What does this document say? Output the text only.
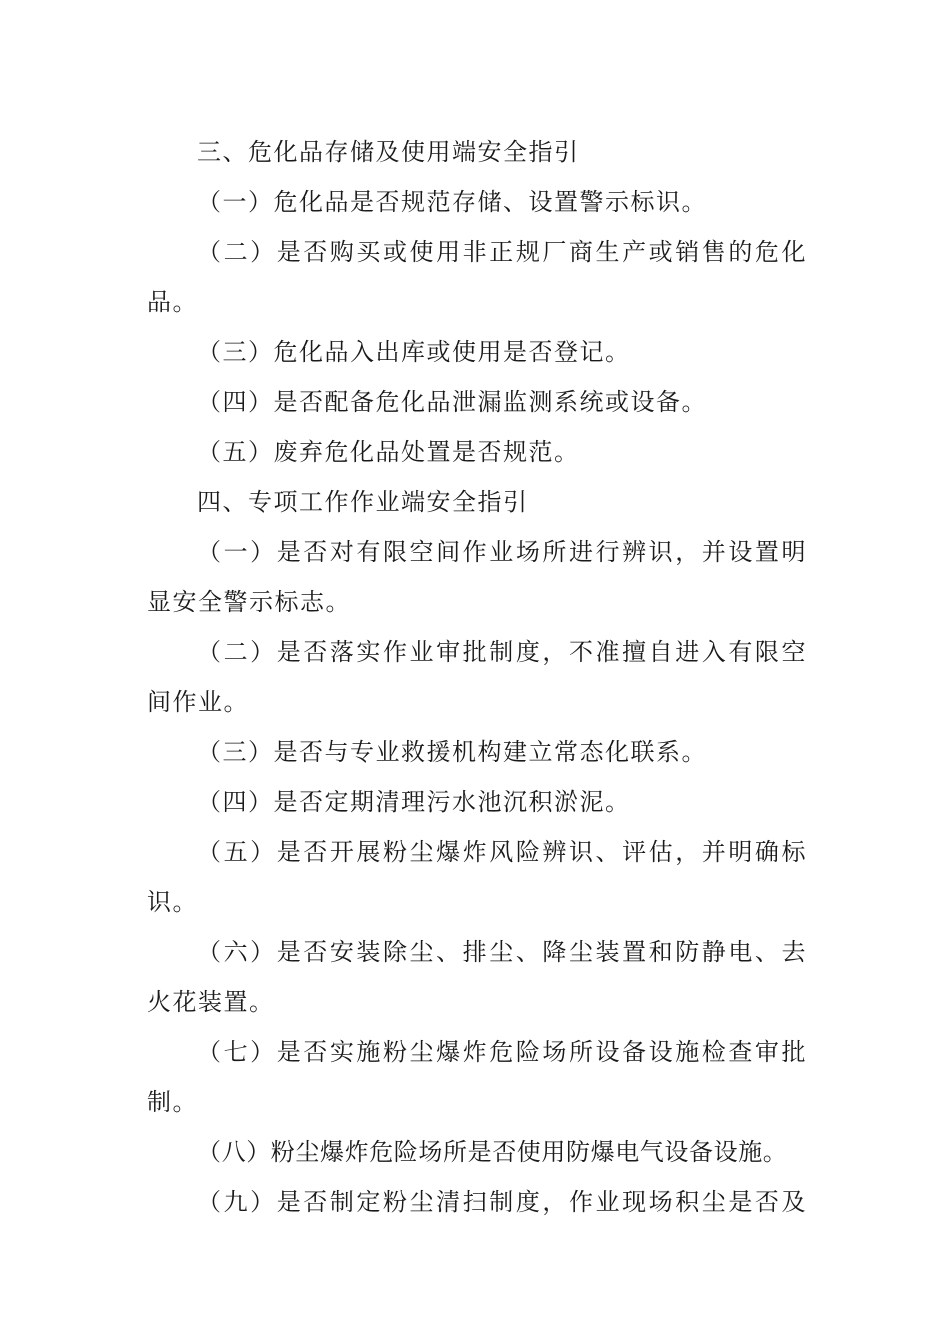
三、危化品存储及使用端安全指引
（一）危化品是否规范存储、设置警示标识。
（二）是否购买或使用非正规厂商生产或销售的危化
品。
（三）危化品入出库或使用是否登记。
（四）是否配备危化品泄漏监测系统或设备。
（五）废弃危化品处置是否规范。
四、专项工作作业端安全指引
（一）是否对有限空间作业场所进行辨识，并设置明
显安全警示标志。
（二）是否落实作业审批制度，不准擅自进入有限空
间作业。
（三）是否与专业救援机构建立常态化联系。
（四）是否定期清理污水池沉积淤泥。
（五）是否开展粉尘爆炸风险辨识、评估，并明确标
识。
（六）是否安装除尘、排尘、降尘装置和防静电、去
火花装置。
（七）是否实施粉尘爆炸危险场所设备设施检查审批
制。
（八）粉尘爆炸危险场所是否使用防爆电气设备设施。
（九）是否制定粉尘清扫制度，作业现场积尘是否及
